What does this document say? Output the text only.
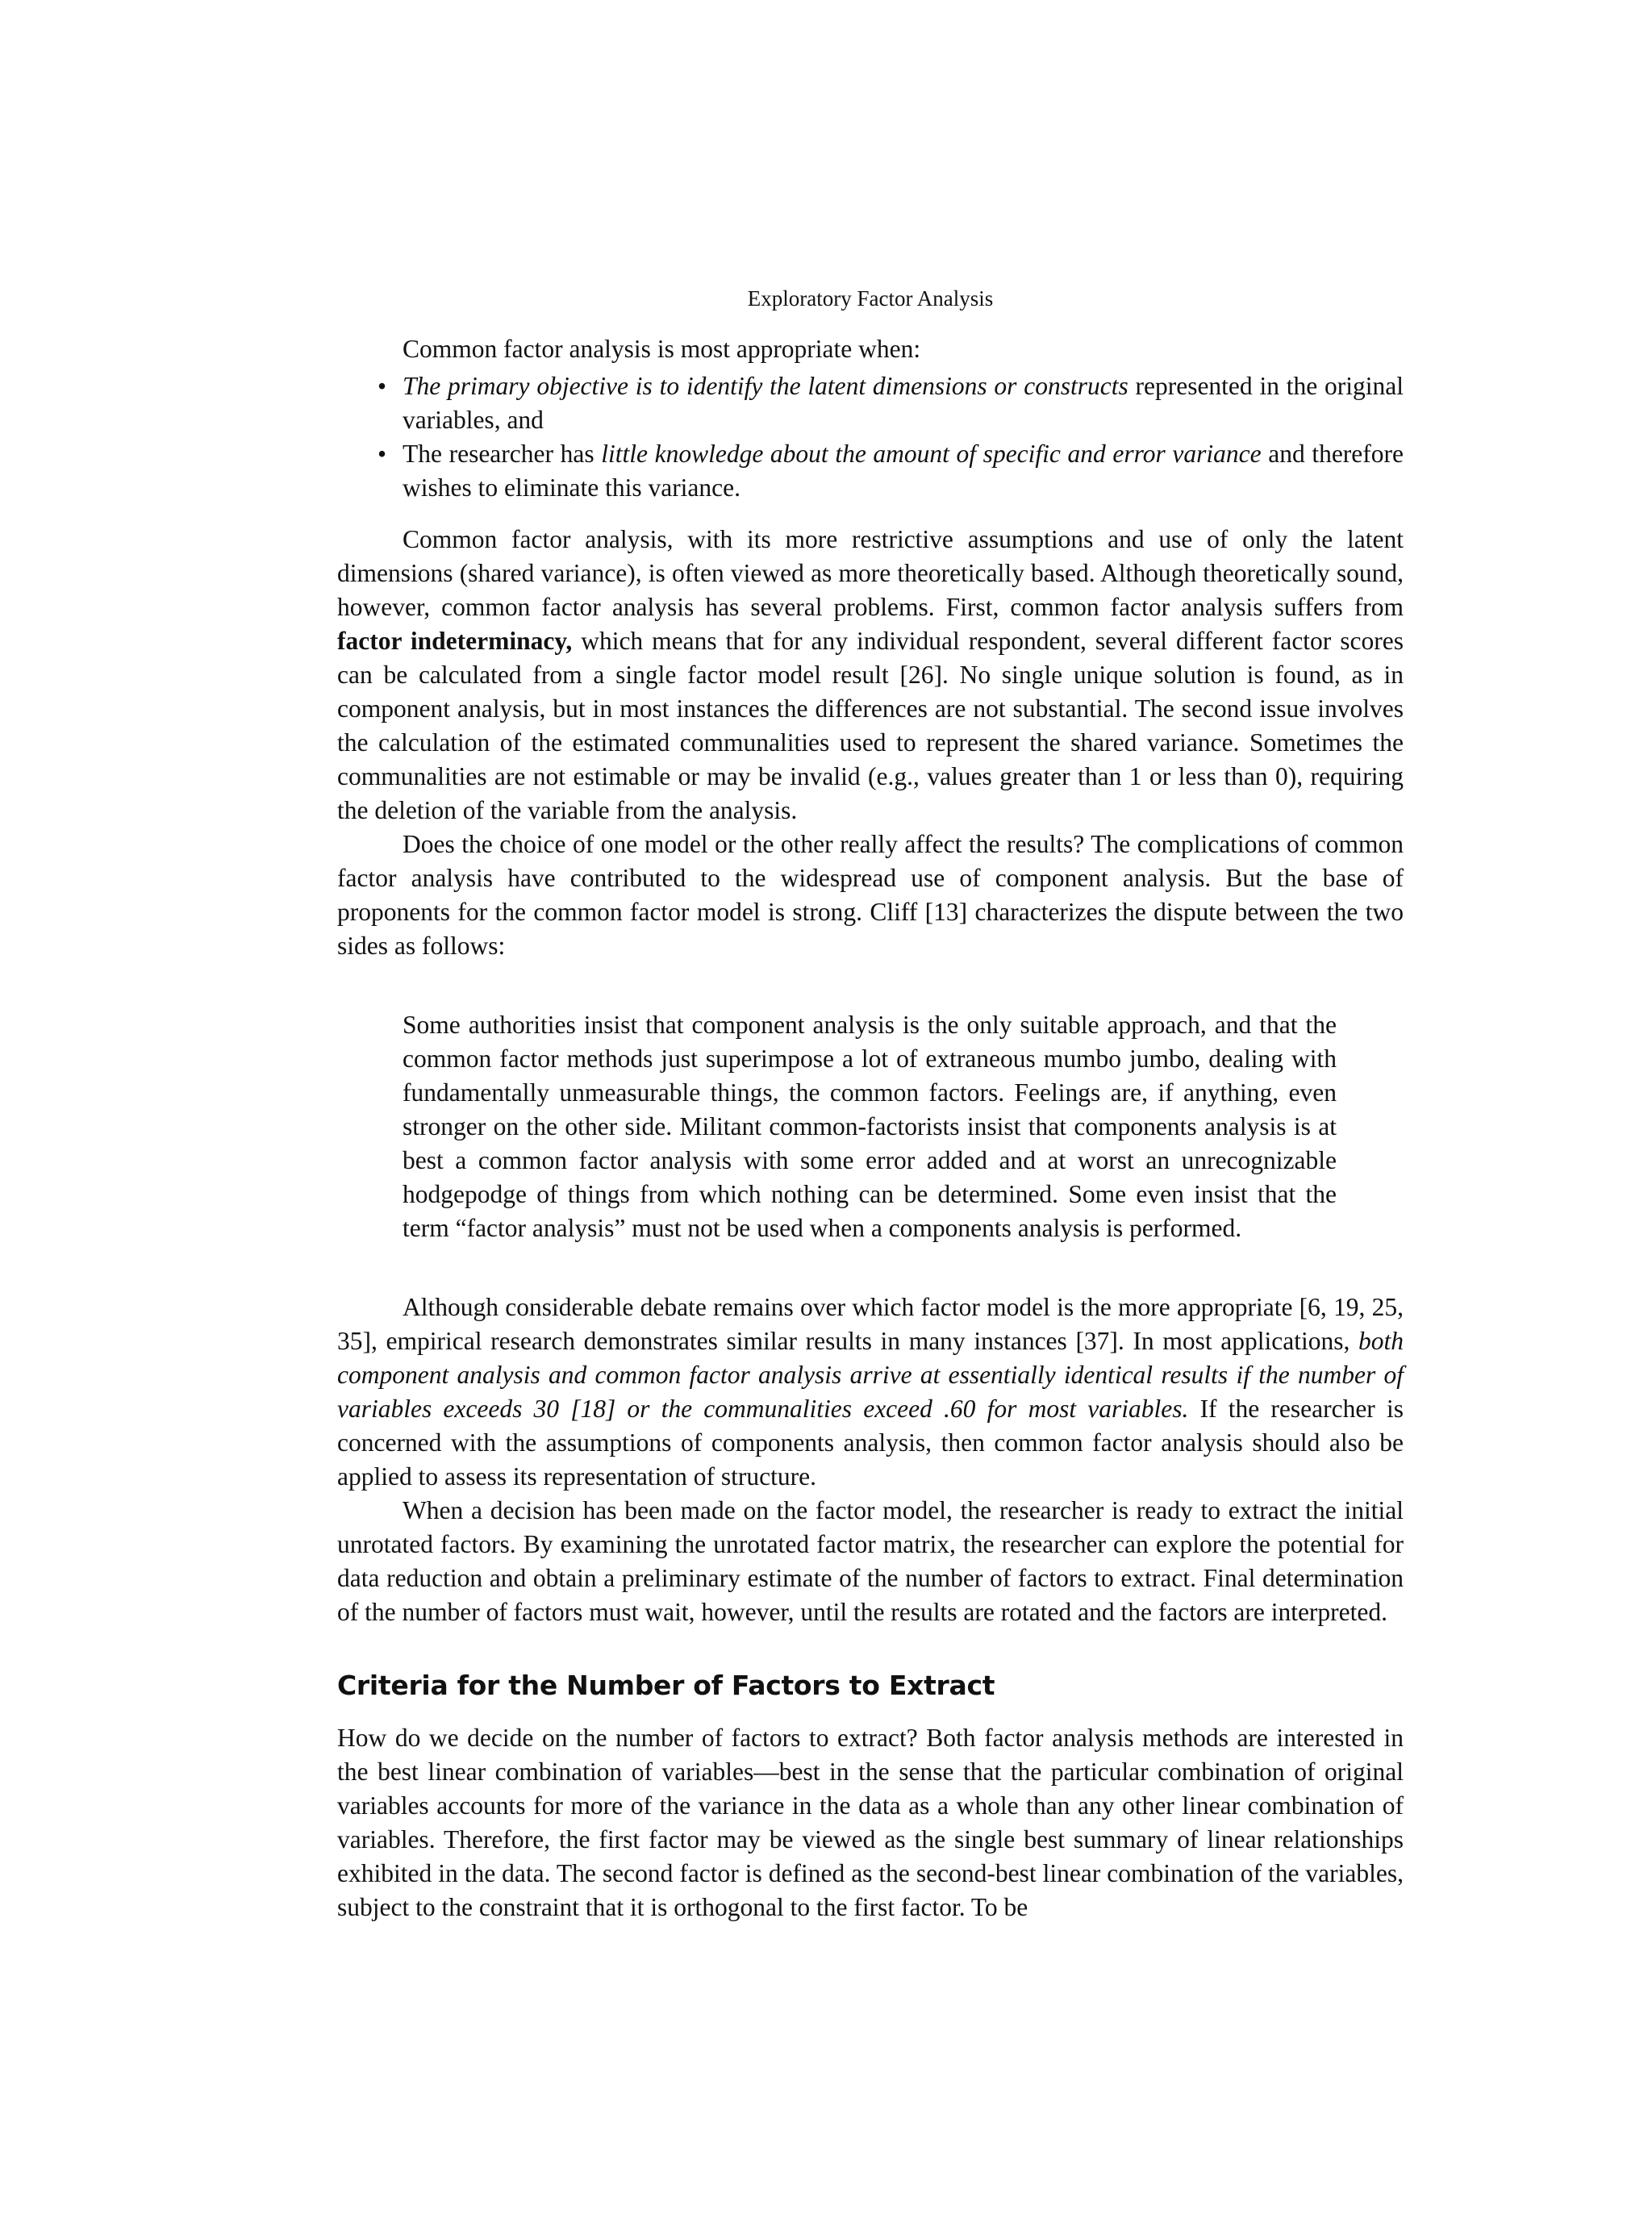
Exploratory Factor Analysis

Common factor analysis is most appropriate when:

• The primary objective is to identify the latent dimensions or constructs represented in the original variables, and
• The researcher has little knowledge about the amount of specific and error variance and therefore wishes to eliminate this variance.

Common factor analysis, with its more restrictive assumptions and use of only the latent dimensions (shared variance), is often viewed as more theoretically based. Although theoretically sound, however, common factor analysis has several problems. First, common factor analysis suffers from factor indeterminacy, which means that for any individual respondent, several different factor scores can be calculated from a single factor model result [26]. No single unique solution is found, as in component analysis, but in most instances the differences are not substantial. The second issue involves the calculation of the estimated communalities used to represent the shared variance. Sometimes the communalities are not estimable or may be invalid (e.g., values greater than 1 or less than 0), requiring the deletion of the variable from the analysis.

Does the choice of one model or the other really affect the results? The complications of common factor analysis have contributed to the widespread use of component analysis. But the base of proponents for the common factor model is strong. Cliff [13] characterizes the dispute between the two sides as follows:

Some authorities insist that component analysis is the only suitable approach, and that the common factor methods just superimpose a lot of extraneous mumbo jumbo, dealing with fundamentally unmeasurable things, the common factors. Feelings are, if anything, even stronger on the other side. Militant common-factorists insist that components analysis is at best a common factor analysis with some error added and at worst an unrecognizable hodgepodge of things from which nothing can be determined. Some even insist that the term “factor analysis” must not be used when a components analysis is performed.

Although considerable debate remains over which factor model is the more appropriate [6, 19, 25, 35], empirical research demonstrates similar results in many instances [37]. In most applications, both component analysis and common factor analysis arrive at essentially identical results if the number of variables exceeds 30 [18] or the communalities exceed .60 for most variables. If the researcher is concerned with the assumptions of components analysis, then common factor analysis should also be applied to assess its representation of structure.

When a decision has been made on the factor model, the researcher is ready to extract the initial unrotated factors. By examining the unrotated factor matrix, the researcher can explore the potential for data reduction and obtain a preliminary estimate of the number of factors to extract. Final determination of the number of factors must wait, however, until the results are rotated and the factors are interpreted.

Criteria for the Number of Factors to Extract

How do we decide on the number of factors to extract? Both factor analysis methods are interested in the best linear combination of variables—best in the sense that the particular combination of original variables accounts for more of the variance in the data as a whole than any other linear combination of variables. Therefore, the first factor may be viewed as the single best summary of linear relationships exhibited in the data. The second factor is defined as the second-best linear combination of the variables, subject to the constraint that it is orthogonal to the first factor. To be
